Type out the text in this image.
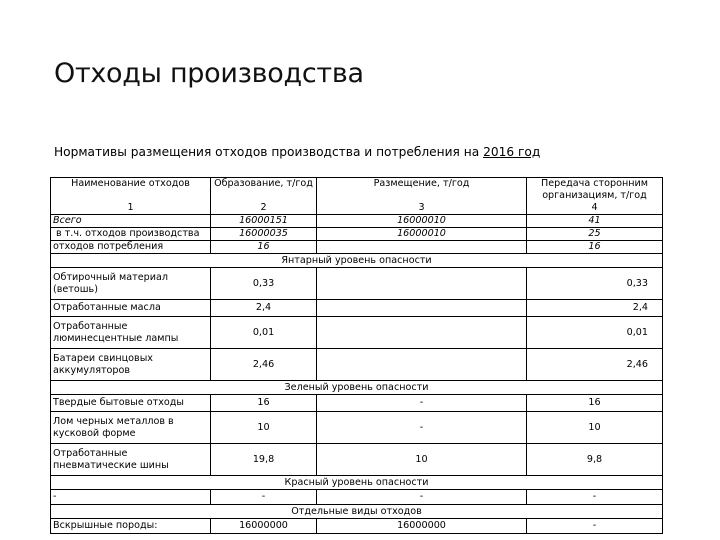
Отходы производства
Нормативы размещения отходов производства и потребления на 2016 год
Наименование отходов	Образование, т/год	Размещение, т/год	Передача сторонним организациям, т/год
1	2	3	4
Всего	16000151	16000010	41
в т.ч. отходов производства	16000035	16000010	25
отходов потребления	16		16
Янтарный уровень опасности			
Обтирочный материал (ветошь)	0,33		0,33
Отработанные масла	2,4		2,4
Отработанные люминесцентные лампы	0,01		0,01
Батареи свинцовых аккумуляторов	2,46		2,46
Зеленый уровень опасности			
Твердые бытовые отходы	16	-	16
Лом черных металлов в кусковой форме	10	-	10
Отработанные пневматические шины	19,8	10	9,8
Красный уровень опасности			
-	-	-	-
Отдельные виды отходов			
Вскрышные породы:	16000000	16000000	-
